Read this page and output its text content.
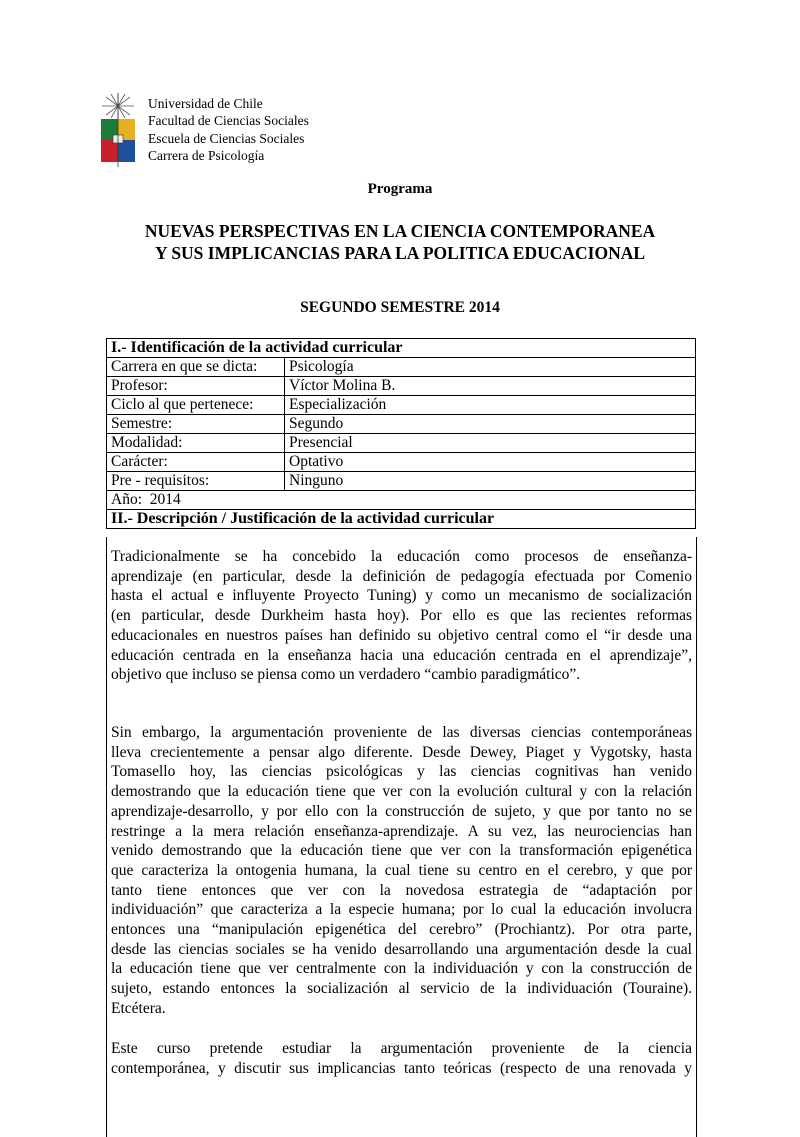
Universidad de Chile
Facultad de Ciencias Sociales
Escuela de Ciencias Sociales
Carrera de Psicología
Programa
NUEVAS PERSPECTIVAS EN LA CIENCIA CONTEMPORANEA
Y SUS IMPLICANCIAS PARA LA POLITICA EDUCACIONAL
SEGUNDO SEMESTRE 2014
I.- Identificación de la actividad curricular	
Carrera en que se dicta:	Psicología
Profesor:	Víctor Molina B.
Ciclo al que pertenece:	Especialización
Semestre:	Segundo
Modalidad:	Presencial
Carácter:	Optativo
Pre - requisitos:	Ninguno
Año:  2014	
II.- Descripción / Justificación de la actividad curricular	
Tradicionalmente se ha concebido la educación como procesos de enseñanza-
aprendizaje (en particular, desde la definición de pedagogía efectuada por Comenio
hasta el actual e influyente Proyecto Tuning) y como un mecanismo de socialización
(en particular, desde Durkheim hasta hoy). Por ello es que las recientes reformas
educacionales en nuestros países han definido su objetivo central como el “ir desde una
educación centrada en la enseñanza hacia una educación centrada en el aprendizaje”,
objetivo que incluso se piensa como un verdadero “cambio paradigmático”.
Sin embargo, la argumentación proveniente de las diversas ciencias contemporáneas
lleva crecientemente a pensar algo diferente. Desde Dewey, Piaget y Vygotsky, hasta
Tomasello hoy, las ciencias psicológicas y las ciencias cognitivas han venido
demostrando que la educación tiene que ver con la evolución cultural y con la relación
aprendizaje-desarrollo, y por ello con la construcción de sujeto, y que por tanto no se
restringe a la mera relación enseñanza-aprendizaje. A su vez, las neurociencias han
venido demostrando que la educación tiene que ver con la transformación epigenética
que caracteriza la ontogenia humana, la cual tiene su centro en el cerebro, y que por
tanto tiene entonces que ver con la novedosa estrategia de “adaptación por
individuación” que caracteriza a la especie humana; por lo cual la educación involucra
entonces una “manipulación epigenética del cerebro” (Prochiantz). Por otra parte,
desde las ciencias sociales se ha venido desarrollando una argumentación desde la cual
la educación tiene que ver centralmente con la individuación y con la construcción de
sujeto, estando entonces la socialización al servicio de la individuación (Touraine).
Etcétera.
Este curso pretende estudiar la argumentación proveniente de la ciencia
contemporánea, y discutir sus implicancias tanto teóricas (respecto de una renovada y
